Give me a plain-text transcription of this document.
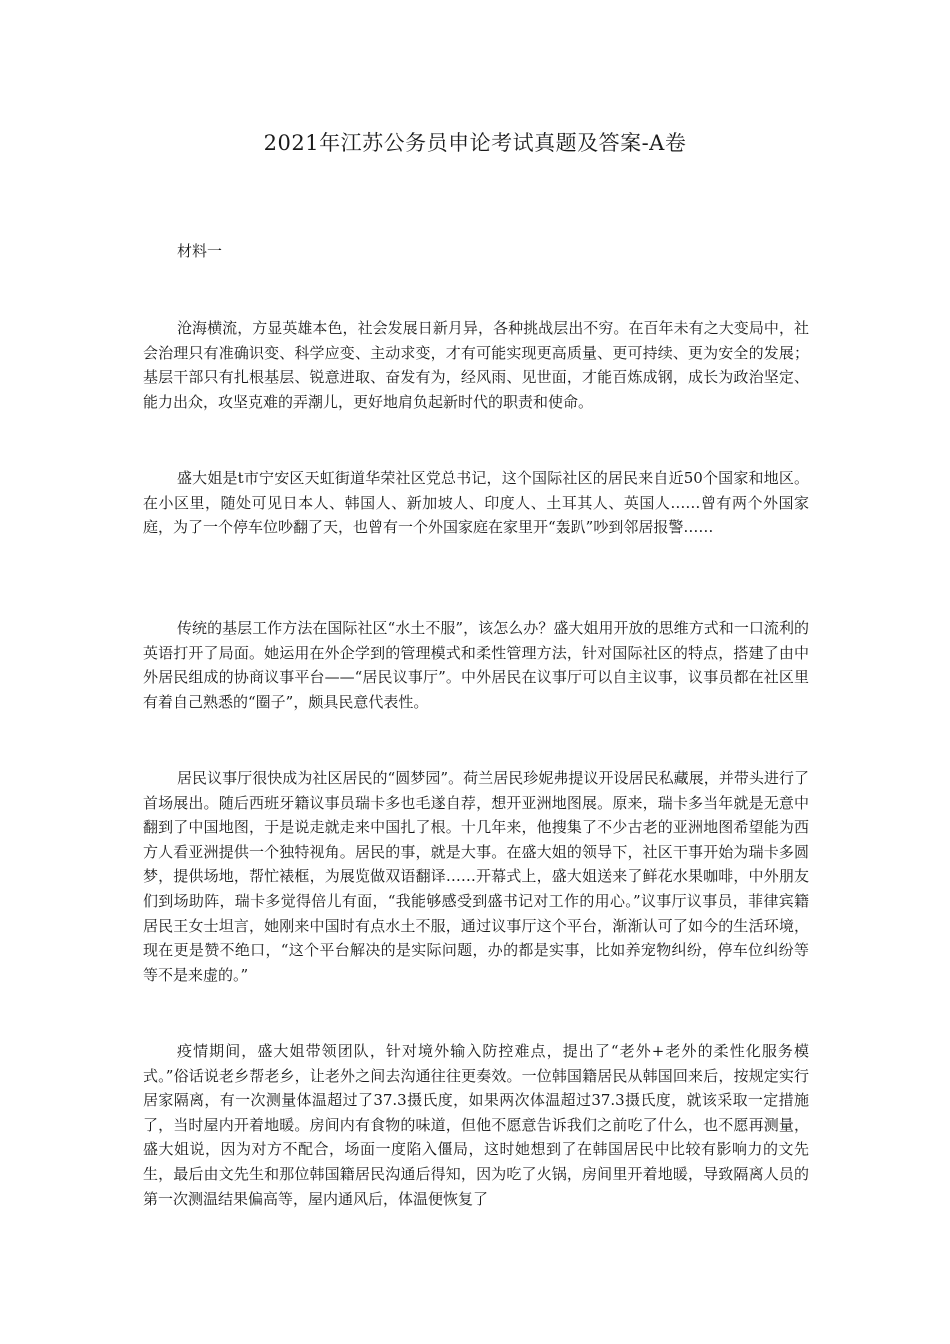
2021年江苏公务员申论考试真题及答案-A卷
材料一

沧海横流，方显英雄本色，社会发展日新月异，各种挑战层出不穷。在百年未有之大变局中，社会治理只有准确识变、科学应变、主动求变，才有可能实现更高质量、更可持续、更为安全的发展；基层干部只有扎根基层、锐意进取、奋发有为，经风雨、见世面，才能百炼成钢，成长为政治坚定、能力出众，攻坚克难的弄潮儿，更好地肩负起新时代的职责和使命。

盛大姐是t市宁安区天虹街道华荣社区党总书记，这个国际社区的居民来自近50个国家和地区。在小区里，随处可见日本人、韩国人、新加坡人、印度人、土耳其人、英国人……曾有两个外国家庭，为了一个停车位吵翻了天，也曾有一个外国家庭在家里开“轰趴”吵到邻居报警……

传统的基层工作方法在国际社区“水土不服”，该怎么办？盛大姐用开放的思维方式和一口流利的英语打开了局面。她运用在外企学到的管理模式和柔性管理方法，针对国际社区的特点，搭建了由中外居民组成的协商议事平台——“居民议事厅”。中外居民在议事厅可以自主议事，议事员都在社区里有着自己熟悉的“圈子”，颇具民意代表性。

居民议事厅很快成为社区居民的“圆梦园”。荷兰居民珍妮弗提议开设居民私藏展，并带头进行了首场展出。随后西班牙籍议事员瑞卡多也毛遂自荐，想开亚洲地图展。原来，瑞卡多当年就是无意中翻到了中国地图，于是说走就走来中国扎了根。十几年来，他搜集了不少古老的亚洲地图希望能为西方人看亚洲提供一个独特视角。居民的事，就是大事。在盛大姐的领导下，社区干事开始为瑞卡多圆梦，提供场地，帮忙裱框，为展览做双语翻译……开幕式上，盛大姐送来了鲜花水果咖啡，中外朋友们到场助阵，瑞卡多觉得倍儿有面，“我能够感受到盛书记对工作的用心。”议事厅议事员，菲律宾籍居民王女士坦言，她刚来中国时有点水土不服，通过议事厅这个平台，渐渐认可了如今的生活环境，现在更是赞不绝口，“这个平台解决的是实际问题，办的都是实事，比如养宠物纠纷，停车位纠纷等等不是来虚的。”

疫情期间，盛大姐带领团队，针对境外输入防控难点，提出了“老外+老外的柔性化服务模式。”俗话说老乡帮老乡，让老外之间去沟通往往更奏效。一位韩国籍居民从韩国回来后，按规定实行居家隔离，有一次测量体温超过了37.3摄氏度，如果两次体温超过37.3摄氏度，就该采取一定措施了，当时屋内开着地暖。房间内有食物的味道，但他不愿意告诉我们之前吃了什么，也不愿再测量，盛大姐说，因为对方不配合，场面一度陷入僵局，这时她想到了在韩国居民中比较有影响力的文先生，最后由文先生和那位韩国籍居民沟通后得知，因为吃了火锅，房间里开着地暖，导致隔离人员的第一次测温结果偏高等，屋内通风后，体温便恢复了
